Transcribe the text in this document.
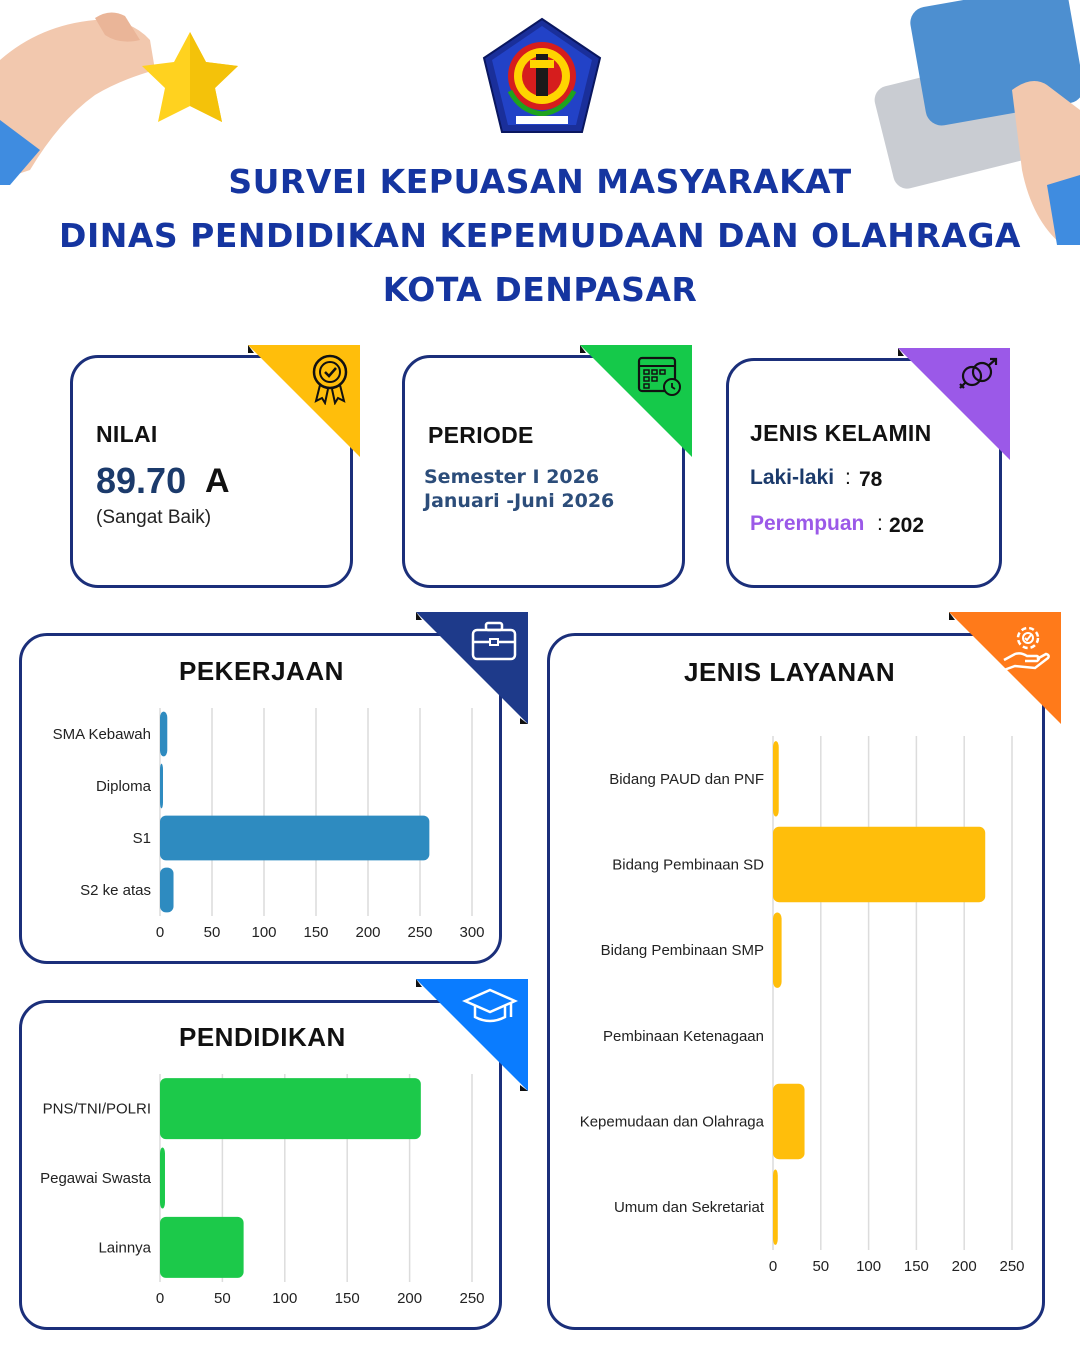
SURVEI KEPUASAN MASYARAKAT
DINAS PENDIDIKAN KEPEMUDAAN DAN OLAHRAGA
KOTA DENPASAR
NILAI
89.70 A
(Sangat Baik)
PERIODE
Semester I 2026
Januari -Juni 2026
JENIS KELAMIN
Laki-laki : 78
Perempuan : 202
PEKERJAAN
0	50 100 150 200 250 300
SMA Kebawah
Diploma
S1
S2 ke atas
PENDIDIKAN
0	50	100 150 200 250
PNS/TNI/POLRI
Pegawai Swasta
Lainnya
JENIS LAYANAN
0 50 100 150 200 250
Bidang PAUD dan PNF
Bidang Pembinaan SD
Bidang Pembinaan SMP
Pembinaan Ketenagaan
Kepemudaan dan Olahraga
Umum dan Sekretariat
